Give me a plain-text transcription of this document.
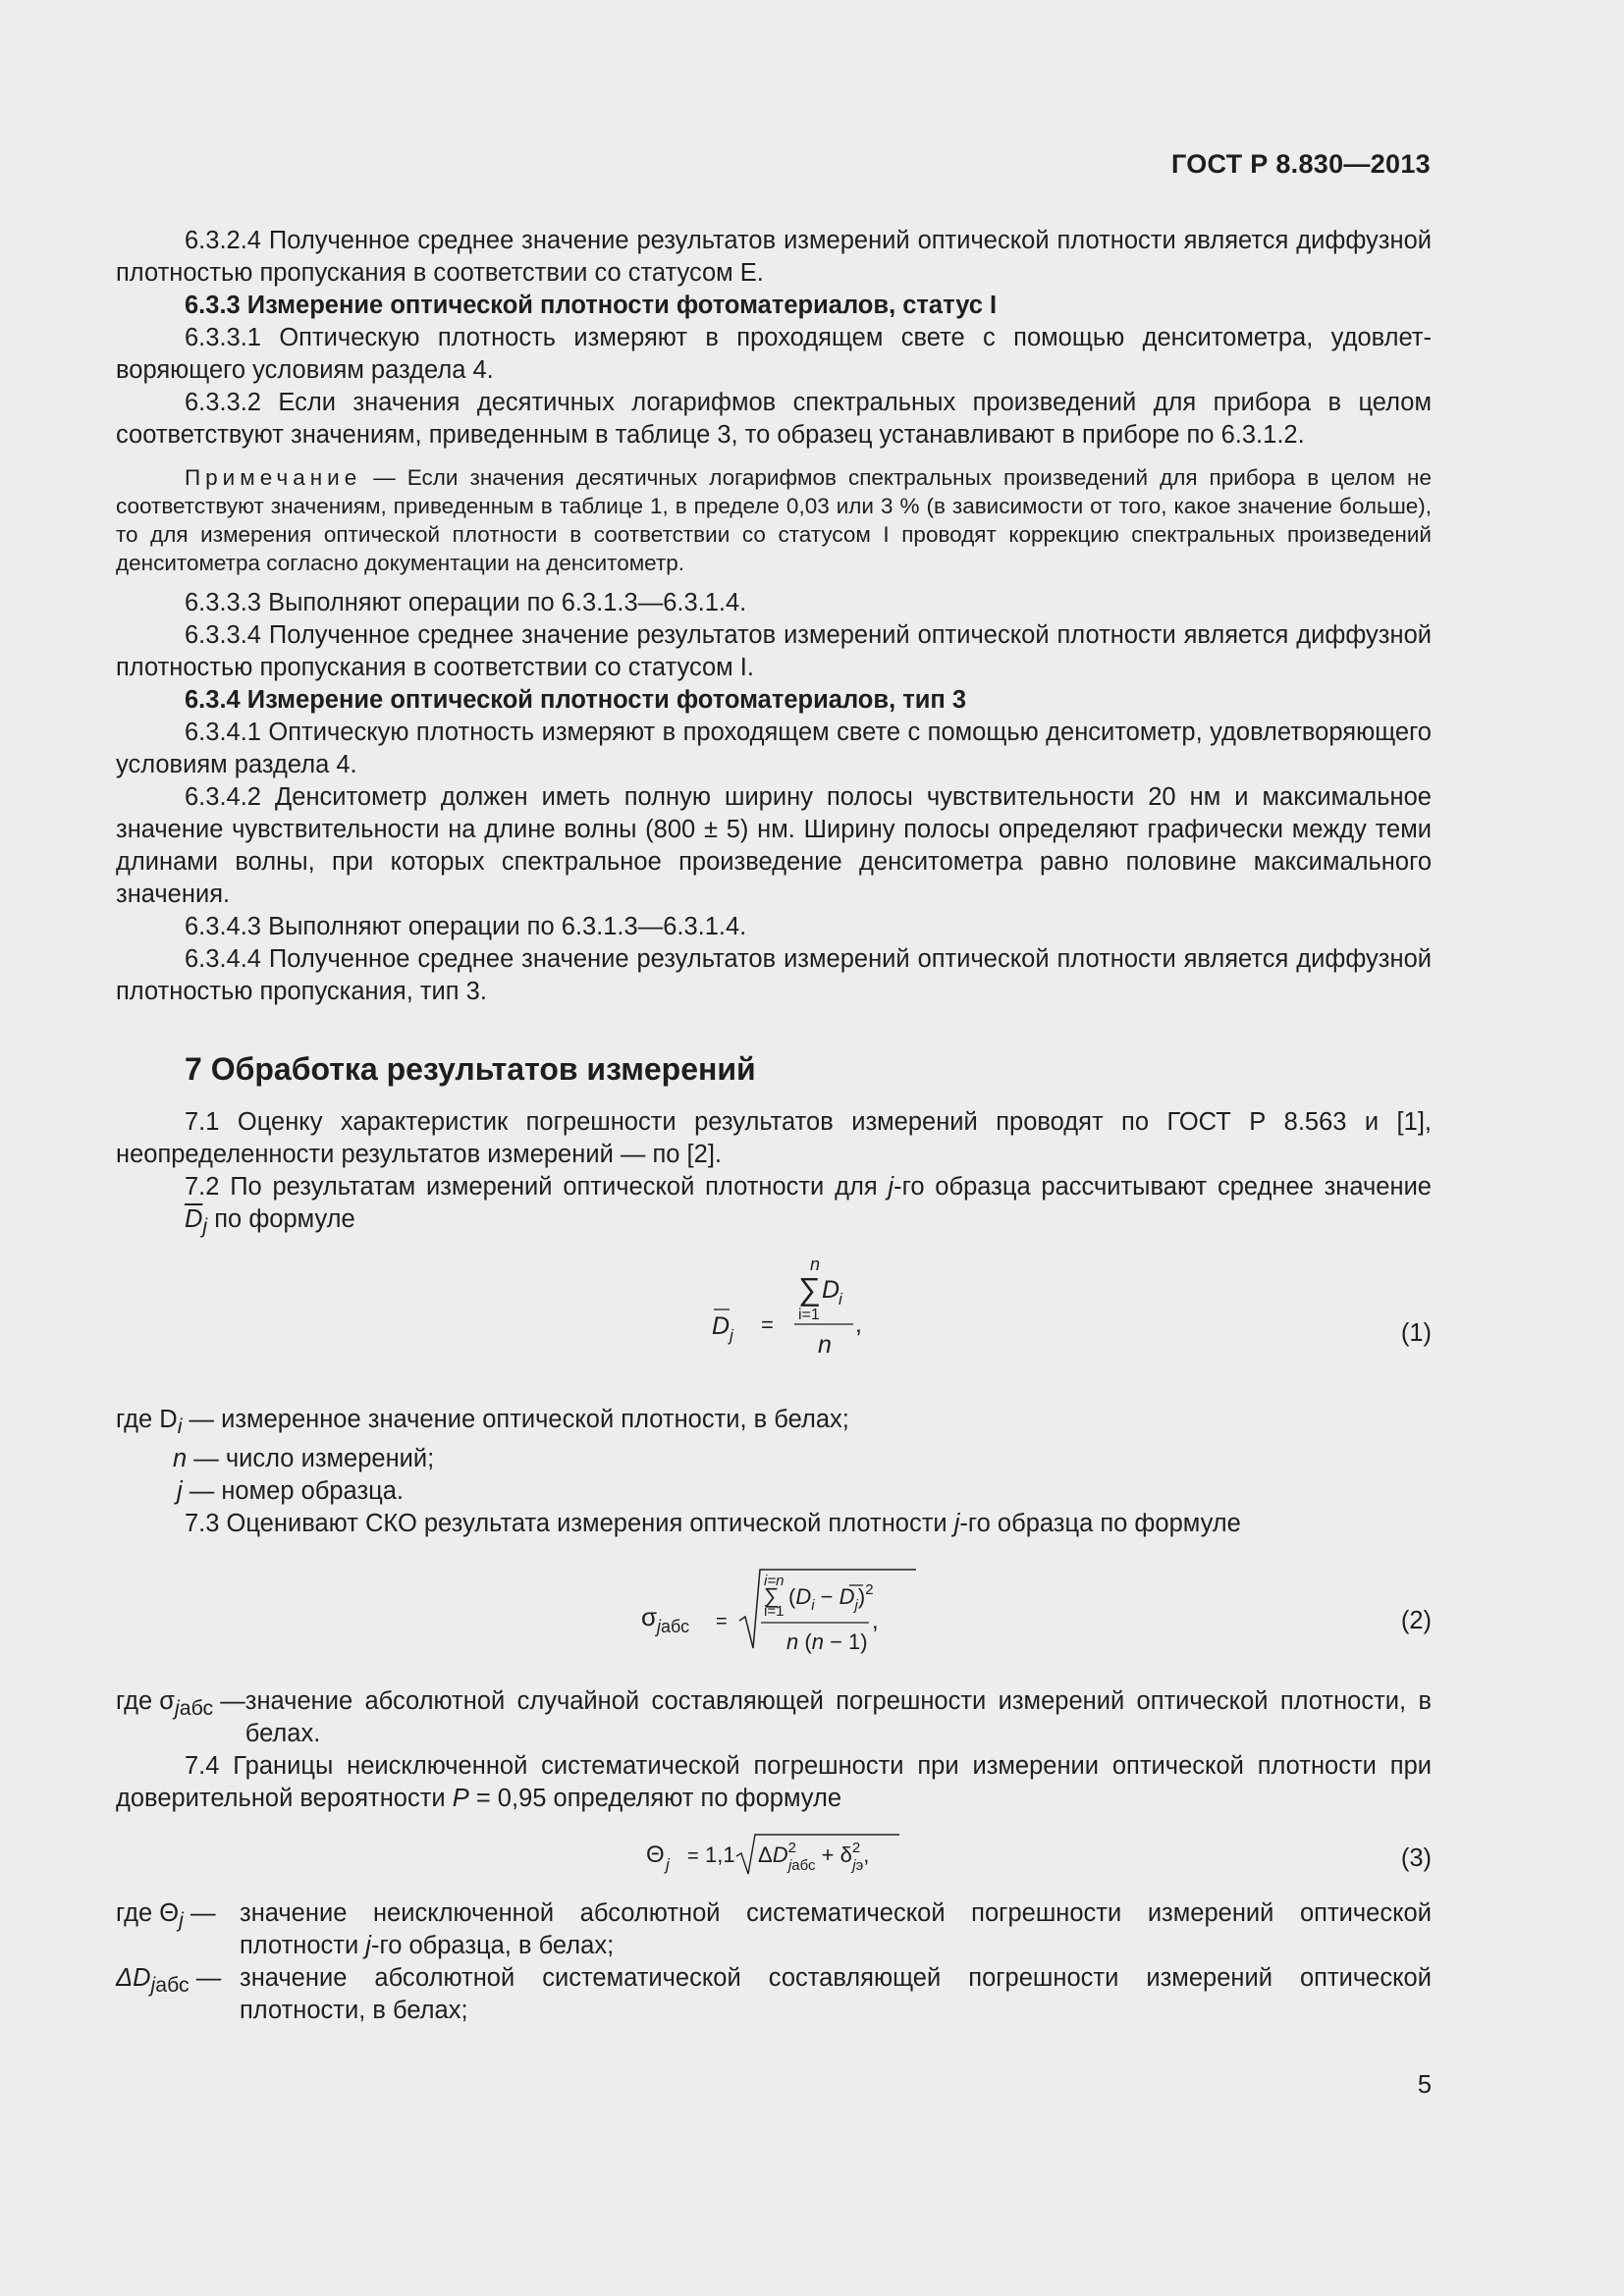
ГОСТ Р 8.830—2013

6.3.2.4 Полученное среднее значение результатов измерений оптической плотности является диффузной плотностью пропускания в соответствии со статусом Е.

6.3.3 Измерение оптической плотности фотоматериалов, статус I

6.3.3.1 Оптическую плотность измеряют в проходящем свете с помощью денситометра, удовлетворяющего условиям раздела 4.

6.3.3.2 Если значения десятичных логарифмов спектральных произведений для прибора в целом соответствуют значениям, приведенным в таблице 3, то образец устанавливают в приборе по 6.3.1.2.

Примечание — Если значения десятичных логарифмов спектральных произведений для прибора в целом не соответствуют значениям, приведенным в таблице 1, в пределе 0,03 или 3 % (в зависимости от того, какое значение больше), то для измерения оптической плотности в соответствии со статусом I проводят коррекцию спектральных произведений денситометра согласно документации на денситометр.

6.3.3.3 Выполняют операции по 6.3.1.3—6.3.1.4.

6.3.3.4 Полученное среднее значение результатов измерений оптической плотности является диффузной плотностью пропускания в соответствии со статусом I.

6.3.4 Измерение оптической плотности фотоматериалов, тип 3

6.3.4.1 Оптическую плотность измеряют в проходящем свете с помощью денситометр, удовлетворяющего условиям раздела 4.

6.3.4.2 Денситометр должен иметь полную ширину полосы чувствительности 20 нм и максимальное значение чувствительности на длине волны (800 ± 5) нм. Ширину полосы определяют графически между теми длинами волны, при которых спектральное произведение денситометра равно половине максимального значения.

6.3.4.3 Выполняют операции по 6.3.1.3—6.3.1.4.

6.3.4.4 Полученное среднее значение результатов измерений оптической плотности является диффузной плотностью пропускания, тип 3.

7 Обработка результатов измерений

7.1 Оценку характеристик погрешности результатов измерений проводят по ГОСТ Р 8.563 и [1], неопределенности результатов измерений — по [2].

7.2 По результатам измерений оптической плотности для j-го образца рассчитывают среднее значение $\overline{D}_j$ по формуле

n
∑ D
i
i=1
n
D j =	,	(1)

где $D_i$ — измеренное значение оптической плотности, в белах;

n — число измерений;

j — номер образца.

7.3 Оценивают СКО результата измерения оптической плотности j-го образца по формуле

σ jабс =
i=n
∑
i=1
$(D_i - D_j)^2$
n (n − 1)
,	(2)
где $\sigma_{jабс}$ — значение абсолютной случайной составляющей погрешности измерений оптической плотности, в белах.

7.4 Границы неисключенной систематической погрешности при измерении оптической плотности при доверительной вероятности P = 0,95 определяют по формуле

Θ j = 1,1 $\Delta D^2$ jабс + $\delta^2$ jэ,	(3)
где $\Theta_j$ — значение неисключенной абсолютной систематической погрешности измерений оптической плотности j-го образца, в белах;
$\Delta D_{jабс}$ — значение абсолютной систематической составляющей погрешности измерений оптической плотности, в белах;
5
